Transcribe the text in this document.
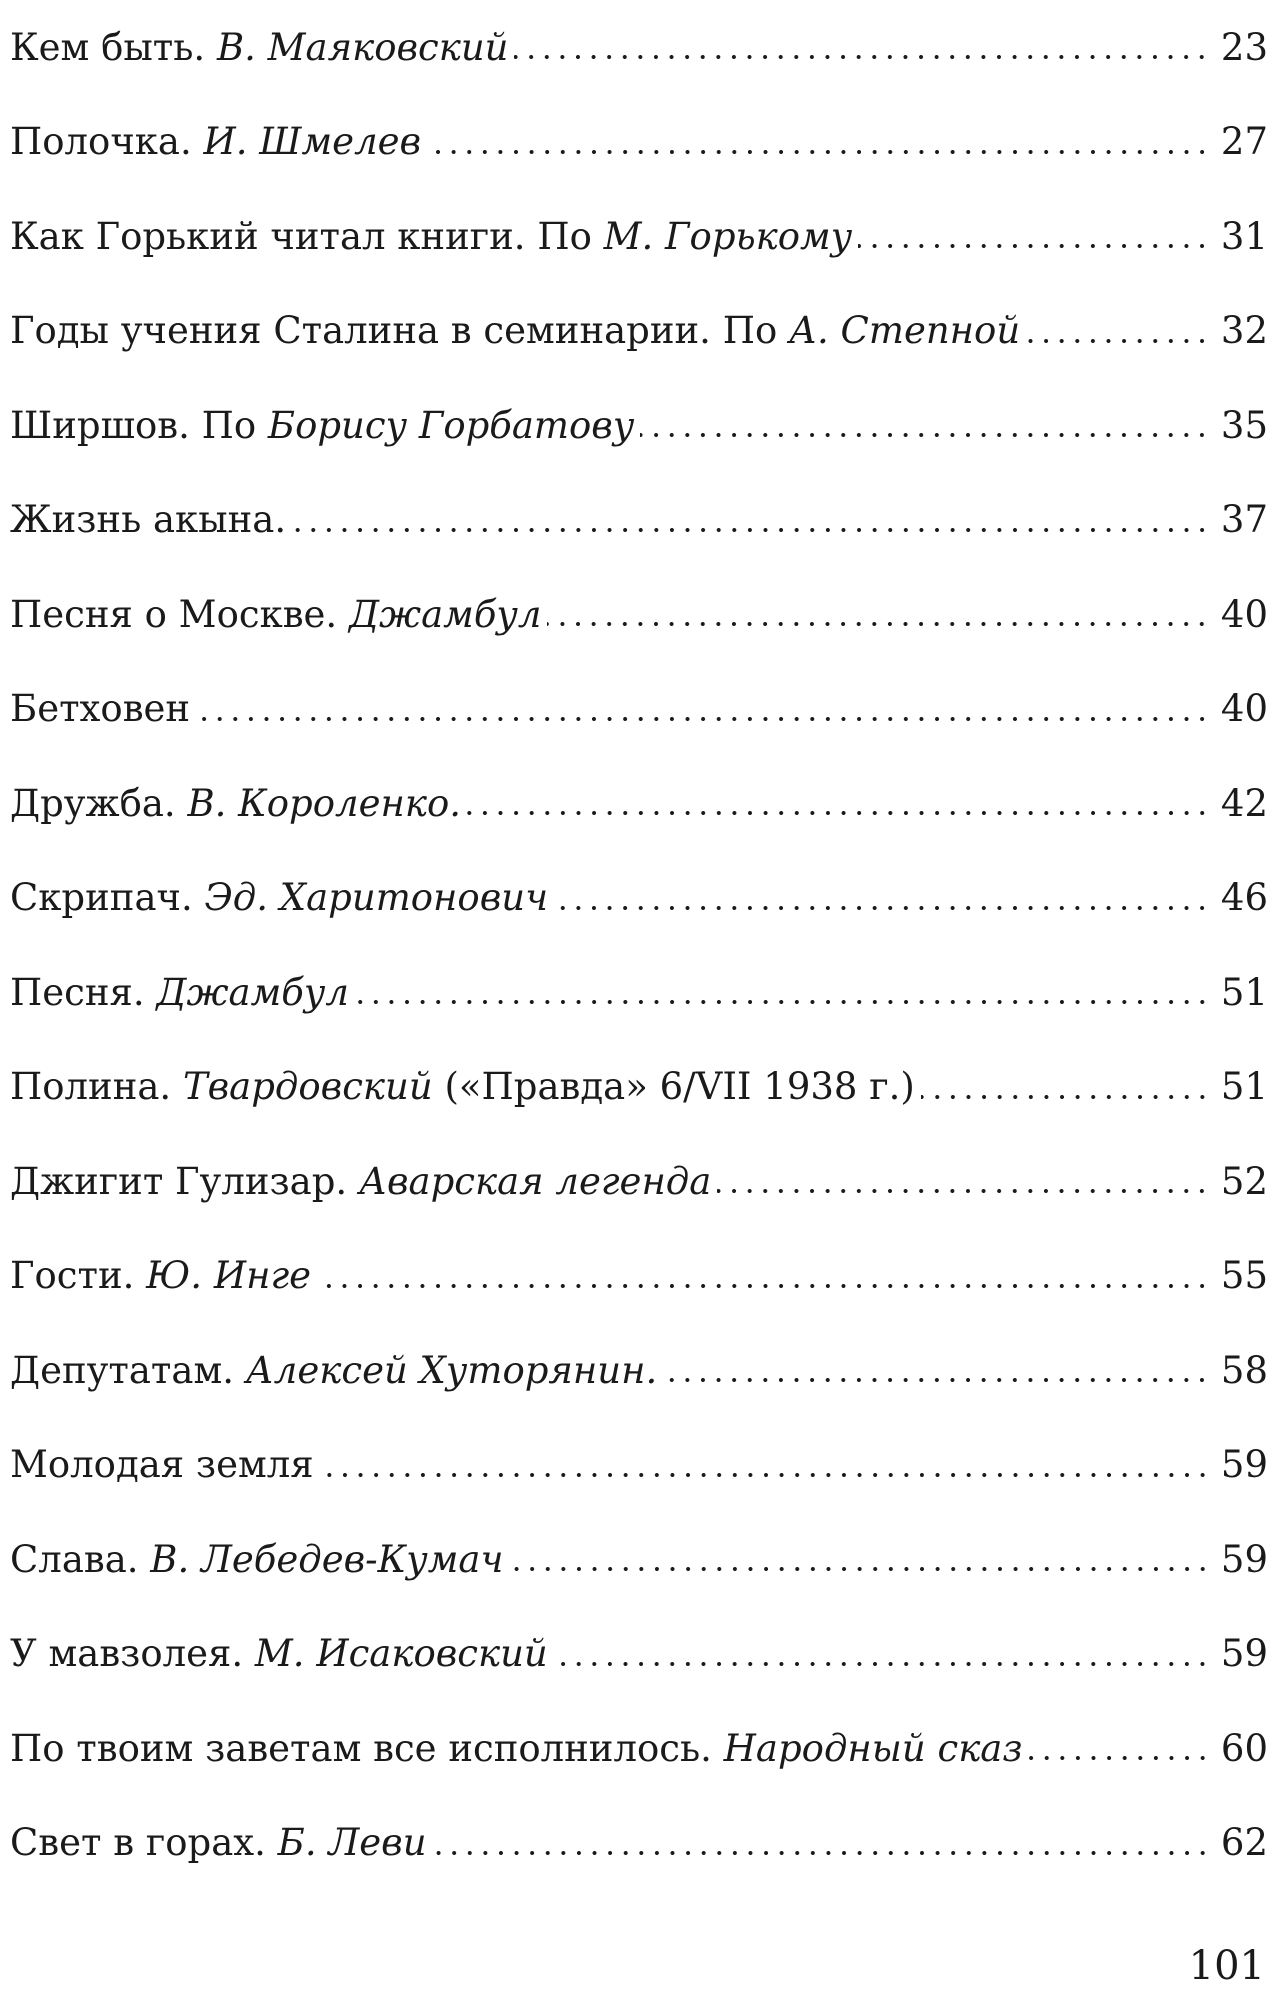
Кем быть. В. Маяковский	23
Полочка. И. Шмелев	27
Как Горький читал книги. По М. Горькому	31
Годы учения Сталина в семинарии. По А. Степной	32
Ширшов. По Борису Горбатову	35
Жизнь акына.	37
Песня о Москве. Джамбул	40
Бетховен	40
Дружба. В. Короленко.	42
Скрипач. Эд. Харитонович	46
Песня. Джамбул	51
Полина. Твардовский («Правда» 6/VII 1938 г.)	51
Джигит Гулизар. Аварская легенда	52
Гости. Ю. Инге	55
Депутатам. Алексей Хуторянин.	58
Молодая земля	59
Слава. В. Лебедев-Кумач	59
У мавзолея. М. Исаковский	59
По твоим заветам все исполнилось. Народный сказ	60
Свет в горах. Б. Леви	62
101
